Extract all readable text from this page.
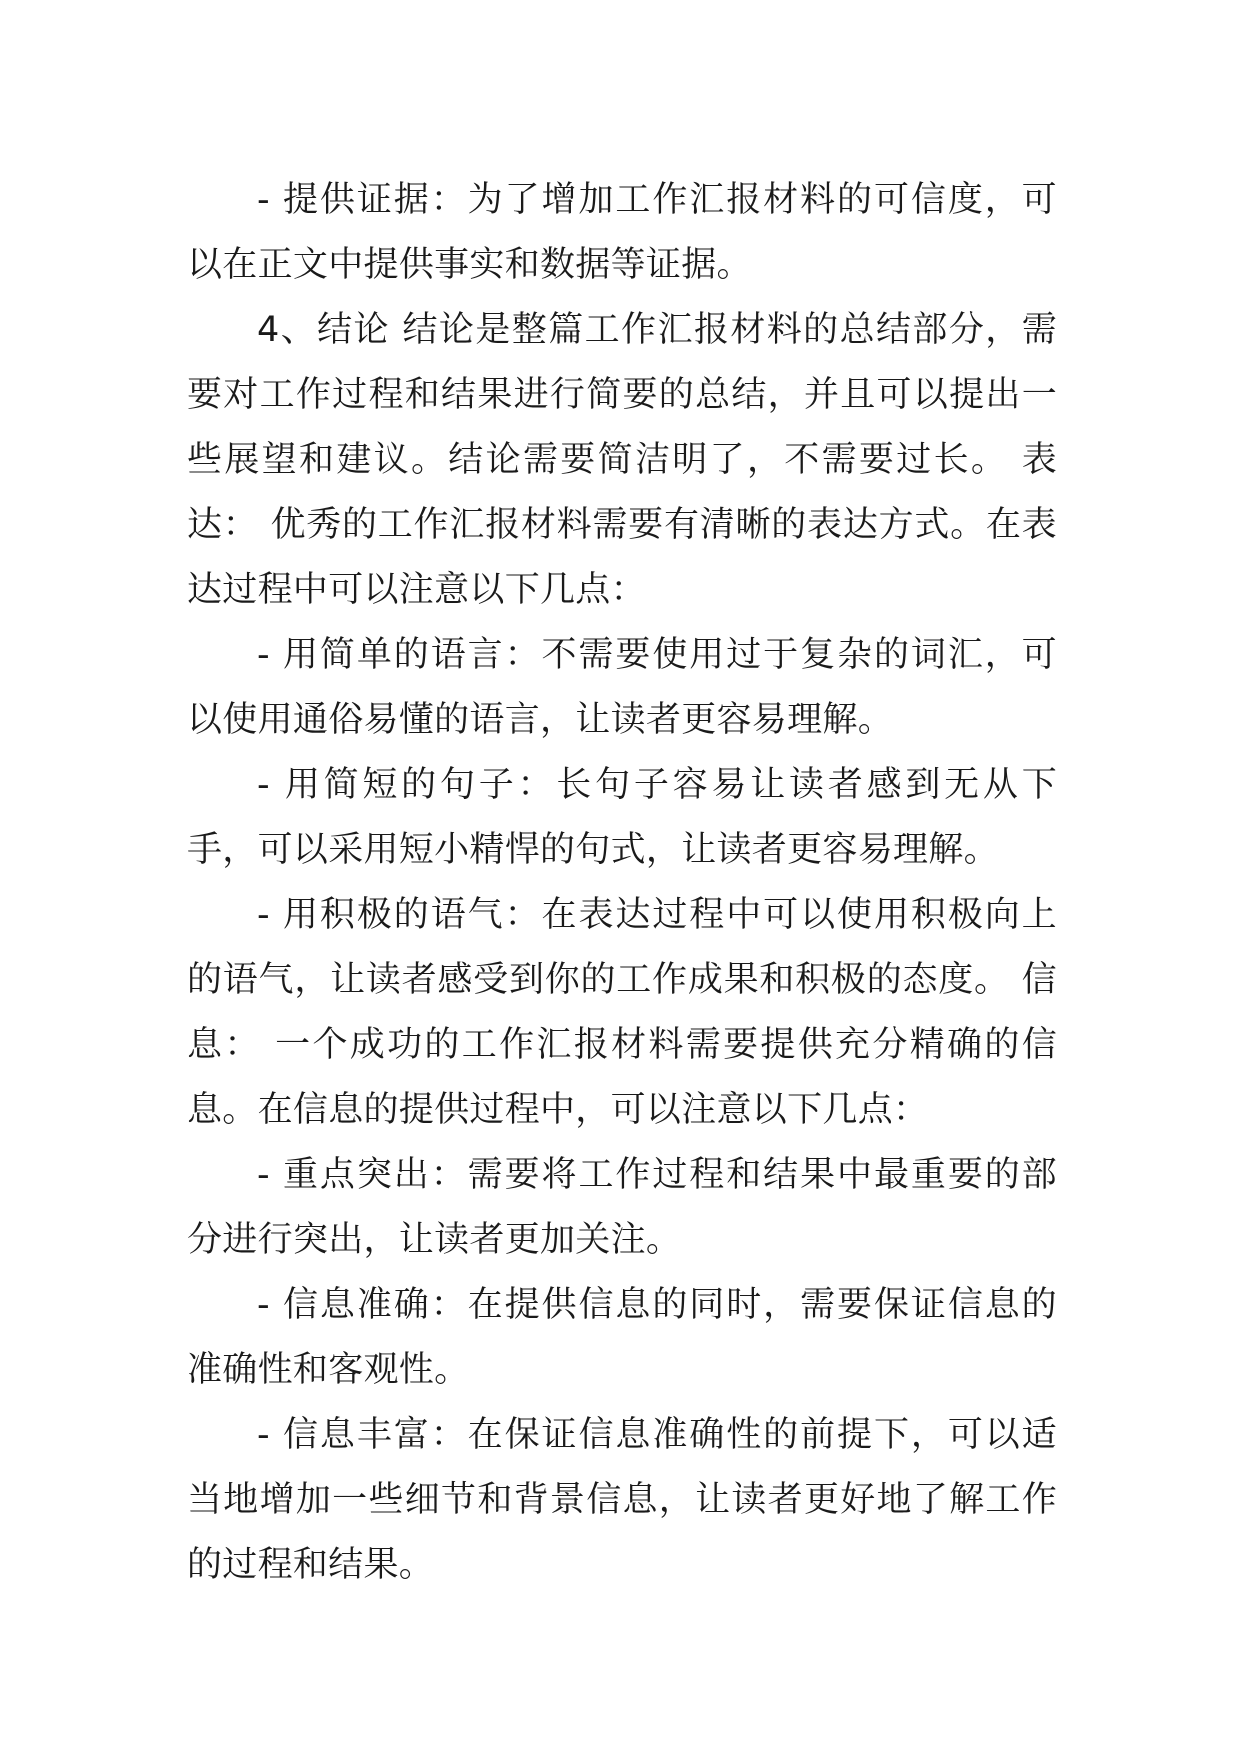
- 提供证据：为了增加工作汇报材料的可信度，可以在正文中提供事实和数据等证据。

4、结论 结论是整篇工作汇报材料的总结部分，需要对工作过程和结果进行简要的总结，并且可以提出一些展望和建议。结论需要简洁明了，不需要过长。 表达： 优秀的工作汇报材料需要有清晰的表达方式。在表达过程中可以注意以下几点：

- 用简单的语言：不需要使用过于复杂的词汇，可以使用通俗易懂的语言，让读者更容易理解。

- 用简短的句子：长句子容易让读者感到无从下手，可以采用短小精悍的句式，让读者更容易理解。

- 用积极的语气：在表达过程中可以使用积极向上的语气，让读者感受到你的工作成果和积极的态度。 信息： 一个成功的工作汇报材料需要提供充分精确的信息。在信息的提供过程中，可以注意以下几点：

- 重点突出：需要将工作过程和结果中最重要的部分进行突出，让读者更加关注。

- 信息准确：在提供信息的同时，需要保证信息的准确性和客观性。

- 信息丰富：在保证信息准确性的前提下，可以适当地增加一些细节和背景信息，让读者更好地了解工作的过程和结果。
